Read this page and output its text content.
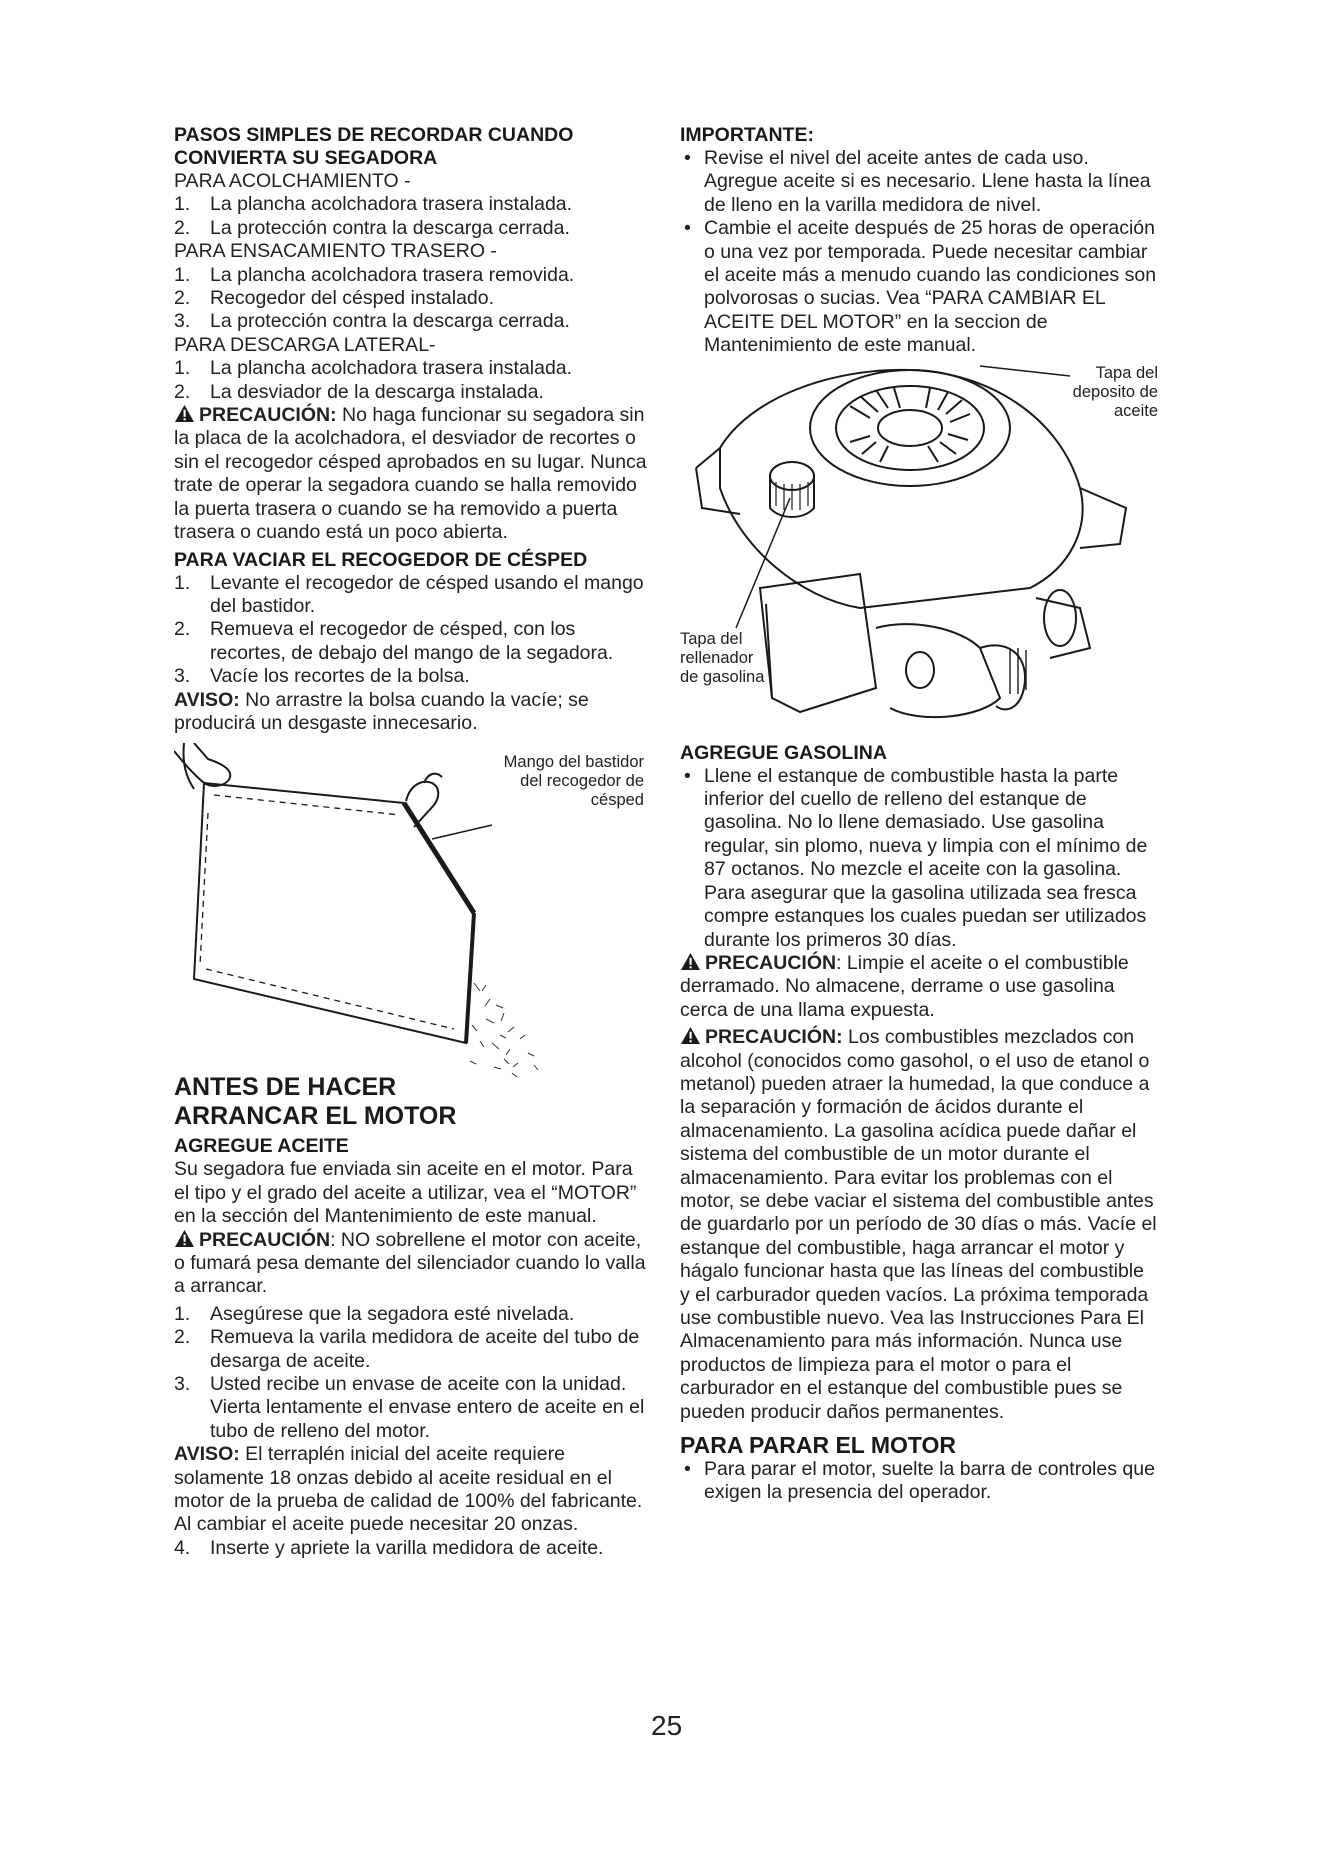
PASOS SIMPLES DE RECORDAR CUANDO CONVIERTA SU SEGADORA
PARA ACOLCHAMIENTO -
1. La plancha acolchadora trasera instalada.
2. La protección contra la descarga cerrada.
PARA ENSACAMIENTO TRASERO -
1. La plancha acolchadora trasera removida.
2. Recogedor del césped instalado.
3. La protección contra la descarga cerrada.
PARA DESCARGA LATERAL-
1. La plancha acolchadora trasera instalada.
2. La desviador de la descarga instalada.
PRECAUCIÓN: No haga funcionar su segadora sin la placa de la acolchadora, el desviador de recortes o sin el recogedor césped aprobados en su lugar. Nunca trate de operar la segadora cuando se halla removido la puerta trasera o cuando se ha removido a puerta trasera o cuando está un poco abierta.
PARA VACIAR EL RECOGEDOR DE CÉSPED
1. Levante el recogedor de césped usando el mango del bastidor.
2. Remueva el recogedor de césped, con los recortes, de debajo del mango de la segadora.
3. Vacíe los recortes de la bolsa.
AVISO: No arrastre la bolsa cuando la vacíe; se producirá un desgaste innecesario.
Mango del bastidor del recogedor de césped
ANTES DE HACER
ARRANCAR EL MOTOR
AGREGUE ACEITE
Su segadora fue enviada sin aceite en el motor. Para el tipo y el grado del aceite a utilizar, vea el “MOTOR” en la sección del Mantenimiento de este manual.
PRECAUCIÓN: NO sobrellene el motor con aceite, o fumará pesa demante del silenciador cuando lo valla a arrancar.
1. Asegúrese que la segadora esté nivelada.
2. Remueva la varila medidora de aceite del tubo de desarga de aceite.
3. Usted recibe un envase de aceite con la unidad. Vierta lentamente el envase entero de aceite en el tubo de relleno del motor.
AVISO: El terraplén inicial del aceite requiere solamente 18 onzas debido al aceite residual en el motor de la prueba de calidad de 100% del fabricante. Al cambiar el aceite puede necesitar 20 onzas.
4. Inserte y apriete la varilla medidora de aceite.
IMPORTANTE:
• Revise el nivel del aceite antes de cada uso. Agregue aceite si es necesario. Llene hasta la línea de lleno en la varilla medidora de nivel.
• Cambie el aceite después de 25 horas de operación o una vez por temporada. Puede necesitar cambiar el aceite más a menudo cuando las condiciones son polvorosas o sucias. Vea “PARA CAMBIAR EL ACEITE DEL MOTOR” en la seccion de Mantenimiento de este manual.
Tapa del deposito de aceite
Tapa del rellenador de gasolina
AGREGUE GASOLINA
• Llene el estanque de combustible hasta la parte inferior del cuello de relleno del estanque de gasolina. No lo llene demasiado. Use gasolina regular, sin plomo, nueva y limpia con el mínimo de 87 octanos. No mezcle el aceite con la gasolina. Para asegurar que la gasolina utilizada sea fresca compre estanques los cuales puedan ser utilizados durante los primeros 30 días.
PRECAUCIÓN: Limpie el aceite o el combustible derramado. No almacene, derrame o use gasolina cerca de una llama expuesta.
PRECAUCIÓN: Los combustibles mezclados con alcohol (conocidos como gasohol, o el uso de etanol o metanol) pueden atraer la humedad, la que conduce a la separación y formación de ácidos durante el almacenamiento. La gasolina acídica puede dañar el sistema del combustible de un motor durante el almacenamiento. Para evitar los problemas con el motor, se debe vaciar el sistema del combustible antes de guardarlo por un período de 30 días o más. Vacíe el estanque del combustible, haga arrancar el motor y hágalo funcionar hasta que las líneas del combustible y el carburador queden vacíos. La próxima temporada use combustible nuevo. Vea las Instrucciones Para El Almacenamiento para más información. Nunca use productos de limpieza para el motor o para el carburador en el estanque del combustible pues se pueden producir daños permanentes.
PARA PARAR EL MOTOR
• Para parar el motor, suelte la barra de controles que exigen la presencia del operador.
25
